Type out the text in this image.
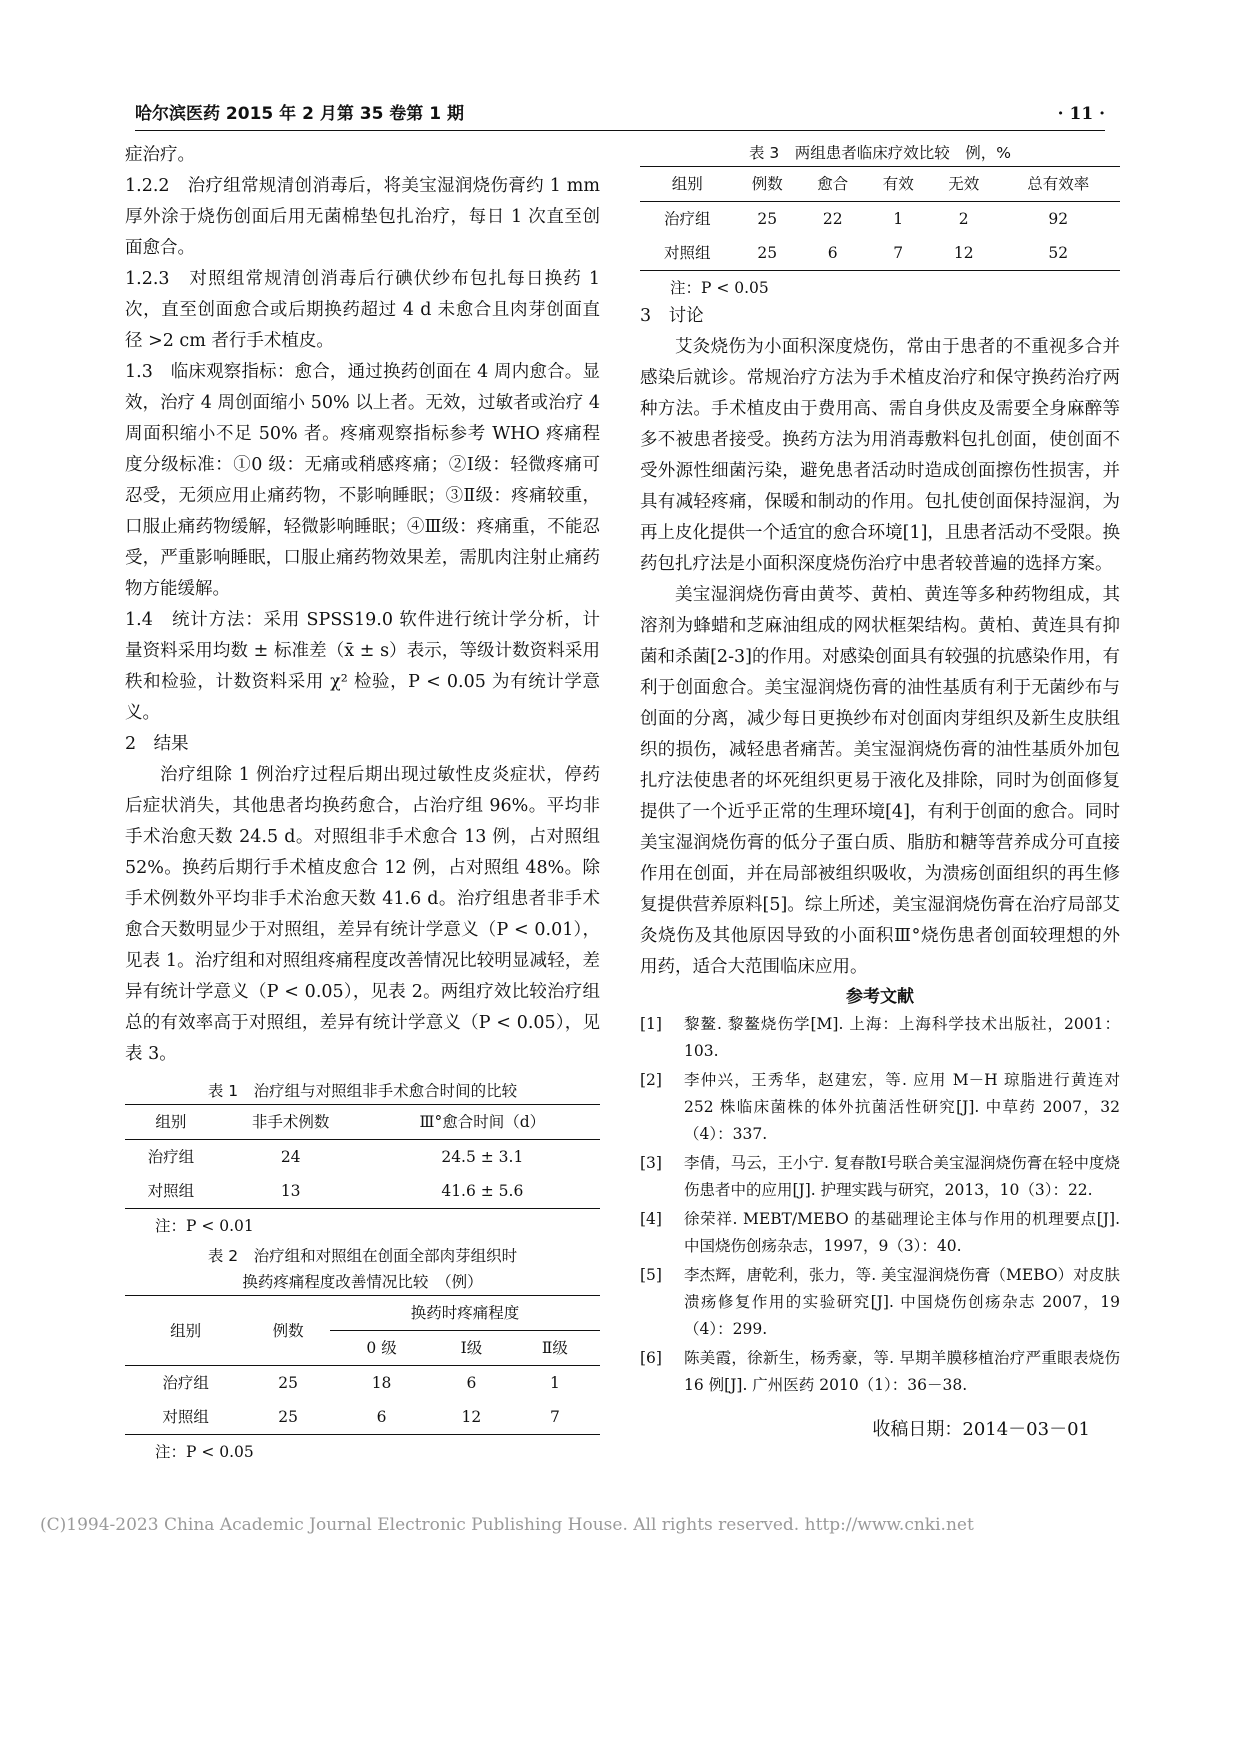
哈尔滨医药 2015 年 2 月第 35 卷第 1 期	· 11 ·

症治疗。

1.2.2　治疗组常规清创消毒后，将美宝湿润烧伤膏约 1 mm 厚外涂于烧伤创面后用无菌棉垫包扎治疗，每日 1 次直至创面愈合。

1.2.3　对照组常规清创消毒后行碘伏纱布包扎每日换药 1 次，直至创面愈合或后期换药超过 4 d 未愈合且肉芽创面直径 >2 cm 者行手术植皮。

1.3　临床观察指标：愈合，通过换药创面在 4 周内愈合。显效，治疗 4 周创面缩小 50% 以上者。无效，过敏者或治疗 4 周面积缩小不足 50% 者。疼痛观察指标参考 WHO 疼痛程度分级标准：①0 级：无痛或稍感疼痛；②Ⅰ级：轻微疼痛可忍受，无须应用止痛药物，不影响睡眠；③Ⅱ级：疼痛较重，口服止痛药物缓解，轻微影响睡眠；④Ⅲ级：疼痛重，不能忍受，严重影响睡眠，口服止痛药物效果差，需肌肉注射止痛药物方能缓解。

1.4　统计方法：采用 SPSS19.0 软件进行统计学分析，计量资料采用均数 ± 标准差（x̄ ± s）表示，等级计数资料采用秩和检验，计数资料采用 χ² 检验，P < 0.05 为有统计学意义。

2　结果

治疗组除 1 例治疗过程后期出现过敏性皮炎症状，停药后症状消失，其他患者均换药愈合，占治疗组 96%。平均非手术治愈天数 24.5 d。对照组非手术愈合 13 例，占对照组 52%。换药后期行手术植皮愈合 12 例，占对照组 48%。除手术例数外平均非手术治愈天数 41.6 d。治疗组患者非手术愈合天数明显少于对照组，差异有统计学意义（P < 0.01），见表 1。治疗组和对照组疼痛程度改善情况比较明显减轻，差异有统计学意义（P < 0.05），见表 2。两组疗效比较治疗组总的有效率高于对照组，差异有统计学意义（P < 0.05），见表 3。

表 1　治疗组与对照组非手术愈合时间的比较
组别	非手术例数	Ⅲ°愈合时间（d）
治疗组	24	24.5 ± 3.1
对照组	13	41.6 ± 5.6
注：P < 0.01
表 2　治疗组和对照组在创面全部肉芽组织时
换药疼痛程度改善情况比较　（例）
组别	例数	换药时疼痛程度		
		0 级	Ⅰ级	Ⅱ级
治疗组	25	18	6	1
对照组	25	6	12	7
注：P < 0.05
表 3　两组患者临床疗效比较　例，%
组别	例数	愈合	有效	无效	总有效率
治疗组	25	22	1	2	92
对照组	25	6	7	12	52
注：P < 0.05

3　讨论

艾灸烧伤为小面积深度烧伤，常由于患者的不重视多合并感染后就诊。常规治疗方法为手术植皮治疗和保守换药治疗两种方法。手术植皮由于费用高、需自身供皮及需要全身麻醉等多不被患者接受。换药方法为用消毒敷料包扎创面，使创面不受外源性细菌污染，避免患者活动时造成创面擦伤性损害，并具有减轻疼痛，保暖和制动的作用。包扎使创面保持湿润，为再上皮化提供一个适宜的愈合环境[1]，且患者活动不受限。换药包扎疗法是小面积深度烧伤治疗中患者较普遍的选择方案。

美宝湿润烧伤膏由黄芩、黄柏、黄连等多种药物组成，其溶剂为蜂蜡和芝麻油组成的网状框架结构。黄柏、黄连具有抑菌和杀菌[2-3]的作用。对感染创面具有较强的抗感染作用，有利于创面愈合。美宝湿润烧伤膏的油性基质有利于无菌纱布与创面的分离，减少每日更换纱布对创面肉芽组织及新生皮肤组织的损伤，减轻患者痛苦。美宝湿润烧伤膏的油性基质外加包扎疗法使患者的坏死组织更易于液化及排除，同时为创面修复提供了一个近乎正常的生理环境[4]，有利于创面的愈合。同时美宝湿润烧伤膏的低分子蛋白质、脂肪和糖等营养成分可直接作用在创面，并在局部被组织吸收，为溃疡创面组织的再生修复提供营养原料[5]。综上所述，美宝湿润烧伤膏在治疗局部艾灸烧伤及其他原因导致的小面积Ⅲ°烧伤患者创面较理想的外用药，适合大范围临床应用。

参考文献
[1]	黎鳌. 黎鳌烧伤学[M]. 上海：上海科学技术出版社，2001：103.
[2]	李仲兴，王秀华，赵建宏，等. 应用 M－H 琼脂进行黄连对 252 株临床菌株的体外抗菌活性研究[J]. 中草药 2007，32（4）：337.
[3]	李倩，马云，王小宁. 复春散Ⅰ号联合美宝湿润烧伤膏在轻中度烧伤患者中的应用[J]. 护理实践与研究，2013，10（3）：22.
[4]	徐荣祥. MEBT/MEBO 的基础理论主体与作用的机理要点[J]. 中国烧伤创疡杂志，1997，9（3）：40.
[5]	李杰辉，唐乾利，张力，等. 美宝湿润烧伤膏（MEBO）对皮肤溃疡修复作用的实验研究[J]. 中国烧伤创疡杂志 2007，19（4）：299.
[6]	陈美霞，徐新生，杨秀豪，等. 早期羊膜移植治疗严重眼表烧伤 16 例[J]. 广州医药 2010（1）：36－38.
收稿日期：2014－03－01
(C)1994-2023 China Academic Journal Electronic Publishing House. All rights reserved. http://www.cnki.net
